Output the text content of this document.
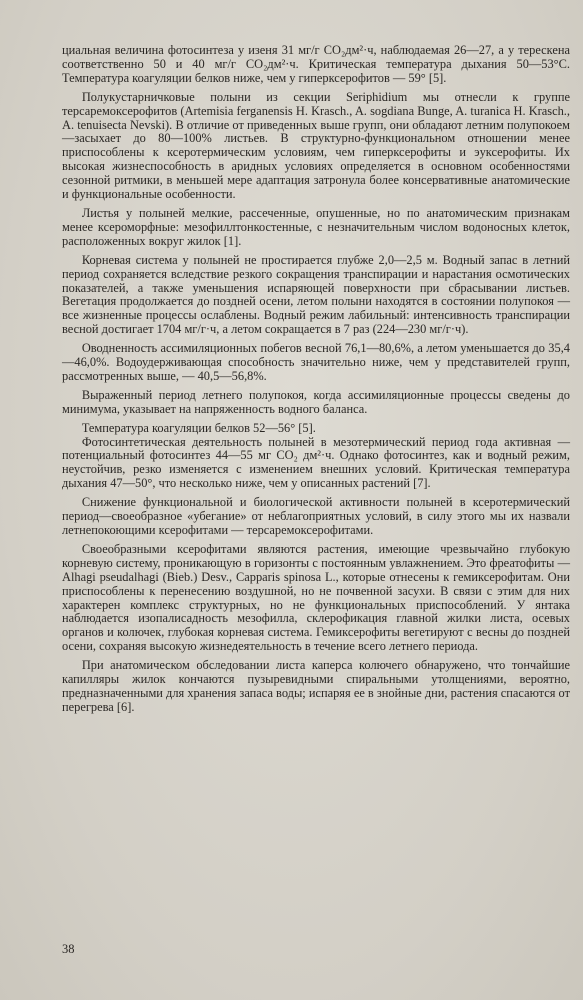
циальная величина фотосинтеза у изеня 31 мг/г CO₂дм²·ч, наблюдаемая 26—27, а у терескена соответственно 50 и 40 мг/г CO₂дм²·ч. Критическая температура дыхания 50—53°C. Температура коагуляции белков ниже, чем у гиперксерофитов — 59° [5].

Полукустарничковые полыни из секции Seriphidium мы отнесли к группе терсаремоксерофитов (Artemisia ferganensis H. Krasch., A. sogdiana Bunge, A. turanica H. Krasch., A. tenuisecta Nevski). В отличие от приведенных выше групп, они обладают летним полупокоем—засыхает до 80—100% листьев. В структурно-функциональном отношении менее приспособлены к ксеротермическим условиям, чем гиперксерофиты и эуксерофиты. Их высокая жизнеспособность в аридных условиях определяется в основном особенностями сезонной ритмики, в меньшей мере адаптация затронула более консервативные анатомические и функциональные особенности.

Листья у полыней мелкие, рассеченные, опушенные, но по анатомическим признакам менее ксероморфные: мезофиллтонкостенные, с незначительным числом водоносных клеток, расположенных вокруг жилок [1].

Корневая система у полыней не простирается глубже 2,0—2,5 м. Водный запас в летний период сохраняется вследствие резкого сокращения транспирации и нарастания осмотических показателей, а также уменьшения испаряющей поверхности при сбрасывании листьев. Вегетация продолжается до поздней осени, летом полыни находятся в состоянии полупокоя — все жизненные процессы ослаблены. Водный режим лабильный: интенсивность транспирации весной достигает 1704 мг/г·ч, а летом сокращается в 7 раз (224—230 мг/г·ч).

Оводненность ассимиляционных побегов весной 76,1—80,6%, а летом уменьшается до 35,4—46,0%. Водоудерживающая способность значительно ниже, чем у представителей групп, рассмотренных выше, — 40,5—56,8%.

Выраженный период летнего полупокоя, когда ассимиляционные процессы сведены до минимума, указывает на напряженность водного баланса.

Температура коагуляции белков 52—56° [5].

Фотосинтетическая деятельность полыней в мезотермический период года активная — потенциальный фотосинтез 44—55 мг CO₂ дм²·ч. Однако фотосинтез, как и водный режим, неустойчив, резко изменяется с изменением внешних условий. Критическая температура дыхания 47—50°, что несколько ниже, чем у описанных растений [7].

Снижение функциональной и биологической активности полыней в ксеротермический период—своеобразное «убегание» от неблагоприятных условий, в силу этого мы их назвали летнепокоющими ксерофитами — терсаремоксерофитами.

Своеобразными ксерофитами являются растения, имеющие чрезвычайно глубокую корневую систему, проникающую в горизонты с постоянным увлажнением. Это фреатофиты — Alhagi pseudalhagi (Bieb.) Desv., Capparis spinosa L., которые отнесены к гемиксерофитам. Они приспособлены к перенесению воздушной, но не почвенной засухи. В связи с этим для них характерен комплекс структурных, но не функциональных приспособлений. У янтака наблюдается изопалисадность мезофилла, склерофикация главной жилки листа, осевых органов и колючек, глубокая корневая система. Гемиксерофиты вегетируют с весны до поздней осени, сохраняя высокую жизнедеятельность в течение всего летнего периода.

При анатомическом обследовании листа каперса колючего обнаружено, что тончайшие капилляры жилок кончаются пузыревидными спиральными утолщениями, вероятно, предназначенными для хранения запаса воды; испаряя ее в знойные дни, растения спасаются от перегрева [6].

38
